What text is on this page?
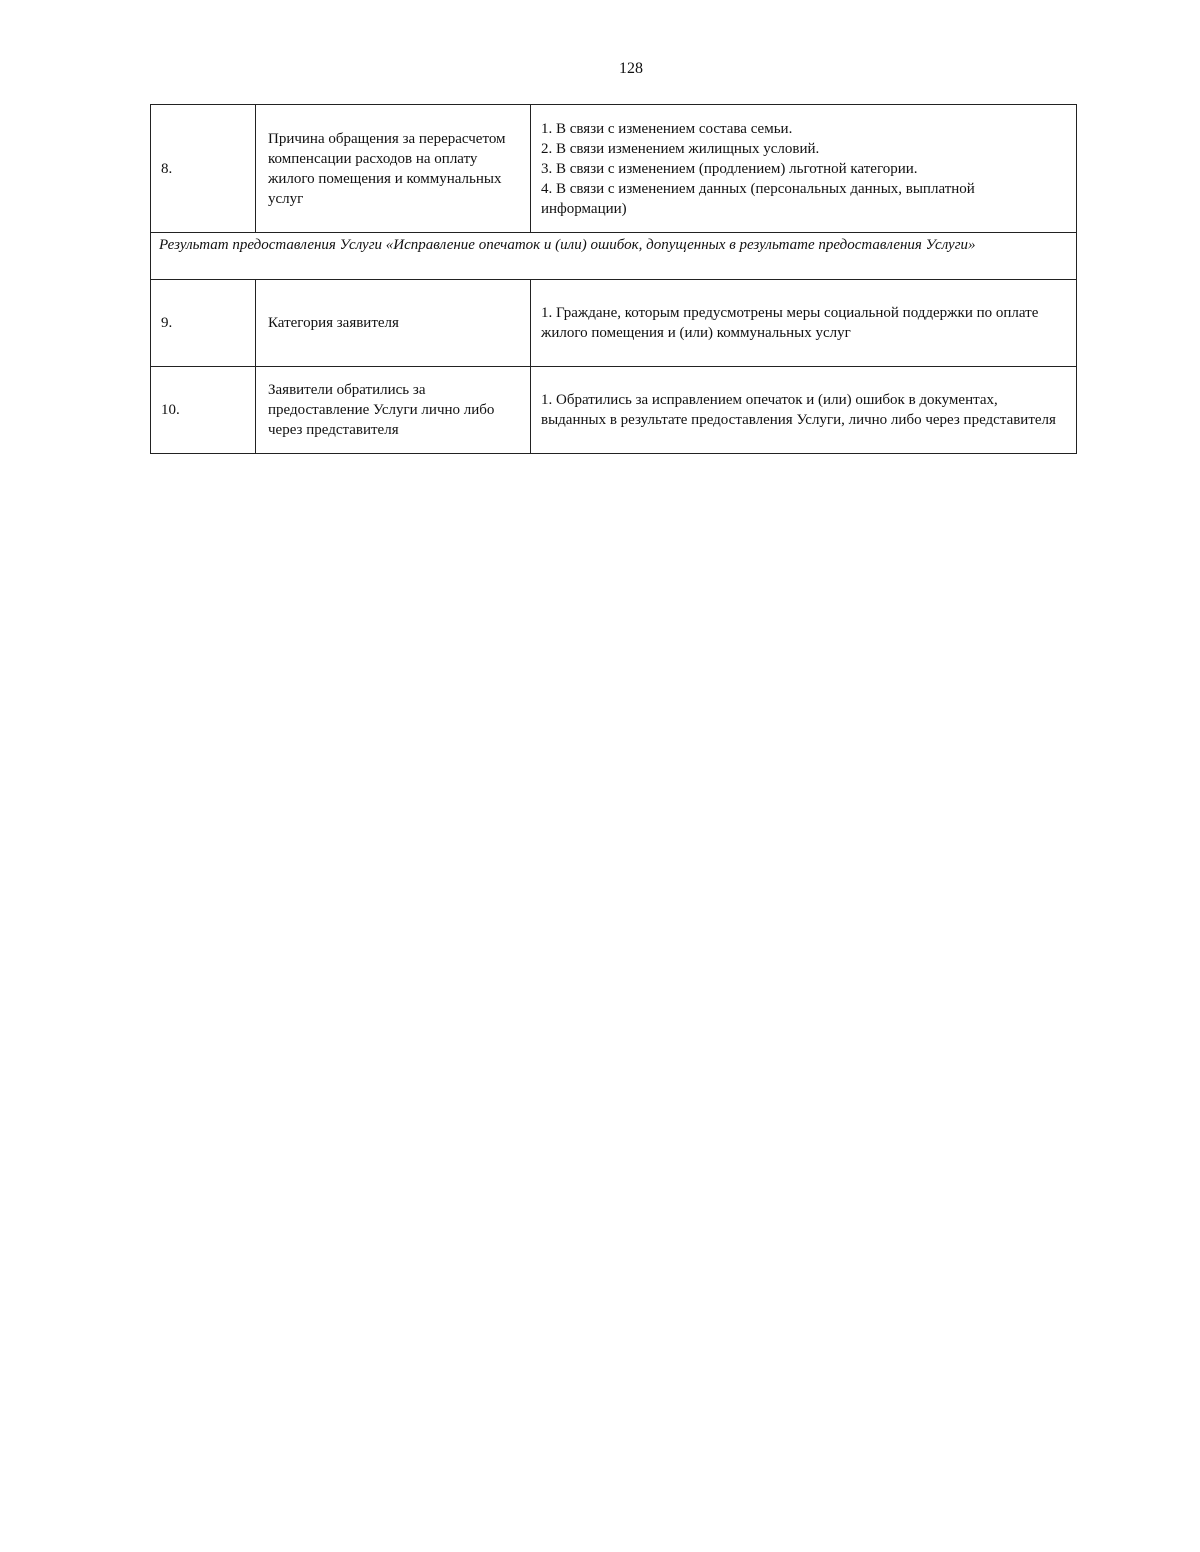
128
8.	Причина обращения за перерасчетом компенсации расходов на оплату жилого помещения и коммунальных услуг	1. В связи с изменением состава семьи.
2. В связи изменением жилищных условий.
3. В связи с изменением (продлением) льготной категории.
4. В связи с изменением данных (персональных данных, выплатной информации)

Результат предоставления Услуги «Исправление опечаток и (или) ошибок, допущенных в результате предоставления Услуги»		
9.	Категория заявителя	1. Граждане, которым предусмотрены меры социальной поддержки по оплате жилого помещения и (или) коммунальных услуг

10.	Заявители обратились за предоставление Услуги лично либо через представителя	1. Обратились за исправлением опечаток и (или) ошибок в документах, выданных в результате предоставления Услуги, лично либо через представителя
